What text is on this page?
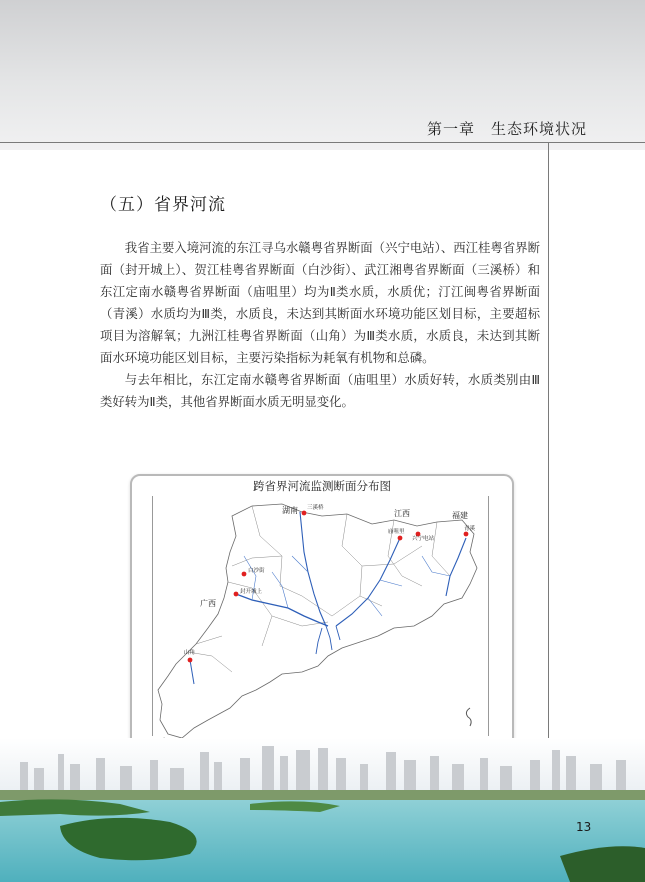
第一章　生态环境状况
（五）省界河流

我省主要入境河流的东江寻乌水赣粤省界断面（兴宁电站）、西江桂粤省界断面（封开城上）、贺江桂粤省界断面（白沙街）、武江湘粤省界断面（三溪桥）和东江定南水赣粤省界断面（庙咀里）均为Ⅱ类水质，水质优；汀江闽粤省界断面（青溪）水质均为Ⅲ类，水质良，未达到其断面水环境功能区划目标，主要超标项目为溶解氧；九洲江桂粤省界断面（山角）为Ⅲ类水质，水质良，未达到其断面水环境功能区划目标，主要污染指标为耗氧有机物和总磷。

与去年相比，东江定南水赣粤省界断面（庙咀里）水质好转，水质类别由Ⅲ类好转为Ⅱ类，其他省界断面水质无明显变化。

跨省界河流监测断面分布图
湖南	江西	福建
广西
三溪桥
庙咀里
兴宁电站
青溪
白沙街
封开城上
山角
13
